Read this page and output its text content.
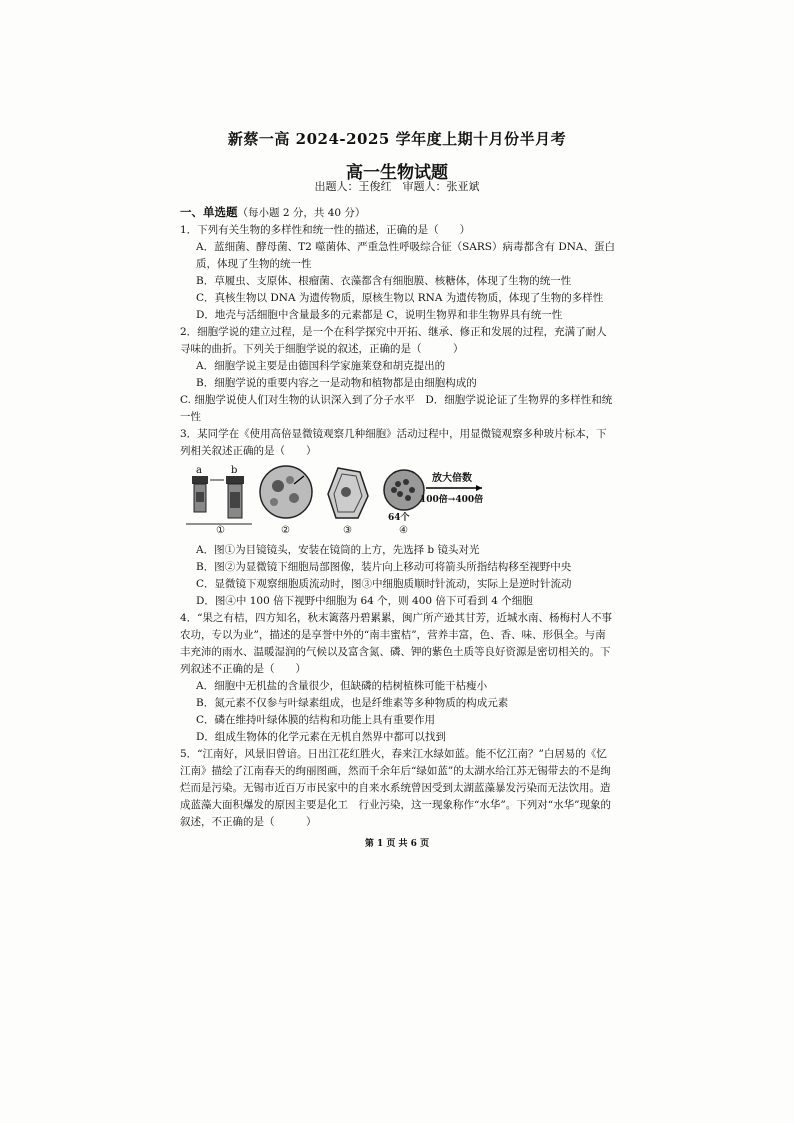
新蔡一高 2024-2025 学年度上期十月份半月考
高一生物试题
出题人：王俊红　审题人：张亚斌

一、单选题（每小题 2 分，共 40 分）

1．下列有关生物的多样性和统一性的描述，正确的是（　　）

A．蓝细菌、酵母菌、T2 噬菌体、严重急性呼吸综合征（SARS）病毒都含有 DNA、蛋白质，体现了生物的统一性

B．草履虫、支原体、根瘤菌、衣藻都含有细胞膜、核糖体，体现了生物的统一性

C．真核生物以 DNA 为遗传物质，原核生物以 RNA 为遗传物质，体现了生物的多样性

D．地壳与活细胞中含量最多的元素都是 C，说明生物界和非生物界具有统一性

2．细胞学说的建立过程，是一个在科学探究中开拓、继承、修正和发展的过程，充满了耐人寻味的曲折。下列关于细胞学说的叙述，正确的是（　　　）

A．细胞学说主要是由德国科学家施莱登和胡克提出的

B．细胞学说的重要内容之一是动物和植物都是由细胞构成的

C. 细胞学说使人们对生物的认识深入到了分子水平　D．细胞学说论证了生物界的多样性和统一性

3．某同学在《使用高倍显微镜观察几种细胞》活动过程中，用显微镜观察多种玻片标本，下列相关叙述正确的是（　　）

a	b
①	②	③	④
放大倍数
100倍→400倍
64个

A．图①为目镜镜头，安装在镜筒的上方，先选择 b 镜头对光

B．图②为显微镜下细胞局部图像，装片向上移动可将箭头所指结构移至视野中央

C．显微镜下观察细胞质流动时，图③中细胞质顺时针流动，实际上是逆时针流动

D．图④中 100 倍下视野中细胞为 64 个，则 400 倍下可看到 4 个细胞

4．“果之有桔，四方知名，秋末篱落丹碧累累，闽广所产逊其甘芳，近城水南、杨梅村人不事农功，专以为业”，描述的是享誉中外的“南丰蜜桔”，营养丰富，色、香、味、形俱全。与南丰充沛的雨水、温暖湿润的气候以及富含氮、磷、钾的紫色土质等良好资源是密切相关的。下列叙述不正确的是（　　）

A．细胞中无机盐的含量很少，但缺磷的桔树植株可能干枯瘦小

B．氮元素不仅参与叶绿素组成，也是纤维素等多种物质的构成元素

C．磷在维持叶绿体膜的结构和功能上具有重要作用

D．组成生物体的化学元素在无机自然界中都可以找到

5．“江南好，风景旧曾谙。日出江花红胜火，春来江水绿如蓝。能不忆江南？”白居易的《忆江南》描绘了江南春天的绚丽图画，然而千余年后“绿如蓝”的太湖水给江苏无锡带去的不是绚烂而是污染。无锡市近百万市民家中的自来水系统曾因受到太湖蓝藻暴发污染而无法饮用。造成蓝藻大面积爆发的原因主要是化工　行业污染，这一现象称作“水华”。下列对“水华”现象的叙述，不正确的是（　　　）

第 1 页 共 6 页
